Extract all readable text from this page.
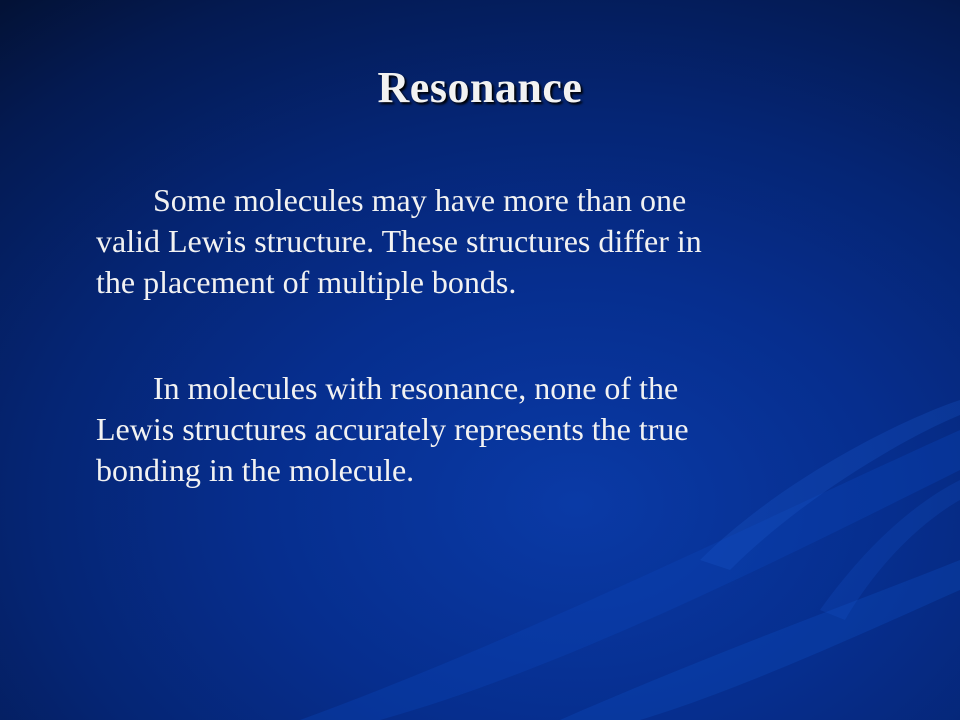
Resonance

Some molecules may have more than one
valid Lewis structure. These structures differ in
the placement of multiple bonds.

In molecules with resonance, none of the
Lewis structures accurately represents the true
bonding in the molecule.
